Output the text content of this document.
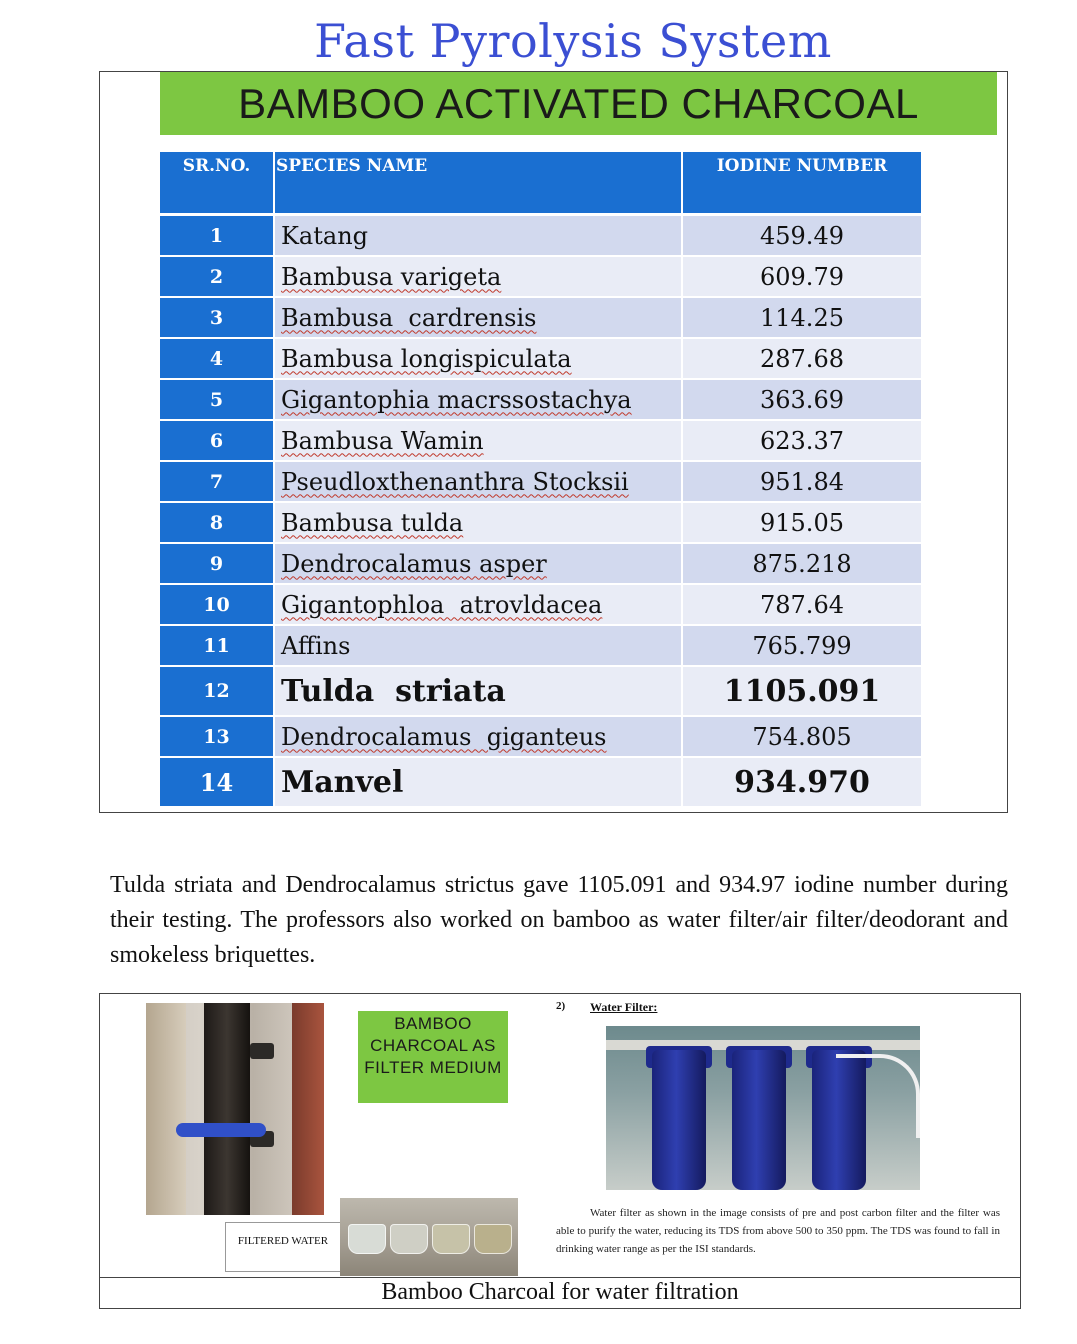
Fast Pyrolysis System
BAMBOO ACTIVATED CHARCOAL
SR.NO.	SPECIES NAME	IODINE NUMBER
1	Katang	459.49
2	Bambusa varigeta	609.79
3	Bambusa  cardrensis	114.25
4	Bambusa longispiculata	287.68
5	Gigantophia macrssostachya	363.69
6	Bambusa Wamin	623.37
7	Pseudloxthenanthra Stocksii	951.84
8	Bambusa tulda	915.05
9	Dendrocalamus asper	875.218
10	Gigantophloa  atrovldacea	787.64
11	Affins	765.799
12	Tulda  striata	1105.091
13	Dendrocalamus  giganteus	754.805
14	Manvel	934.970
Tulda striata and Dendrocalamus strictus gave 1105.091 and 934.97 iodine number during their testing. The professors also worked on bamboo as water filter/air filter/deodorant and smokeless briquettes.
FILTERED WATER
BAMBOO CHARCOAL AS FILTER MEDIUM
2) Water Filter:
Water filter as shown in the image consists of pre and post carbon filter and the filter was able to purify the water, reducing its TDS from above 500 to 350 ppm. The TDS was found to fall in drinking water range as per the ISI standards.
Bamboo Charcoal for water filtration
